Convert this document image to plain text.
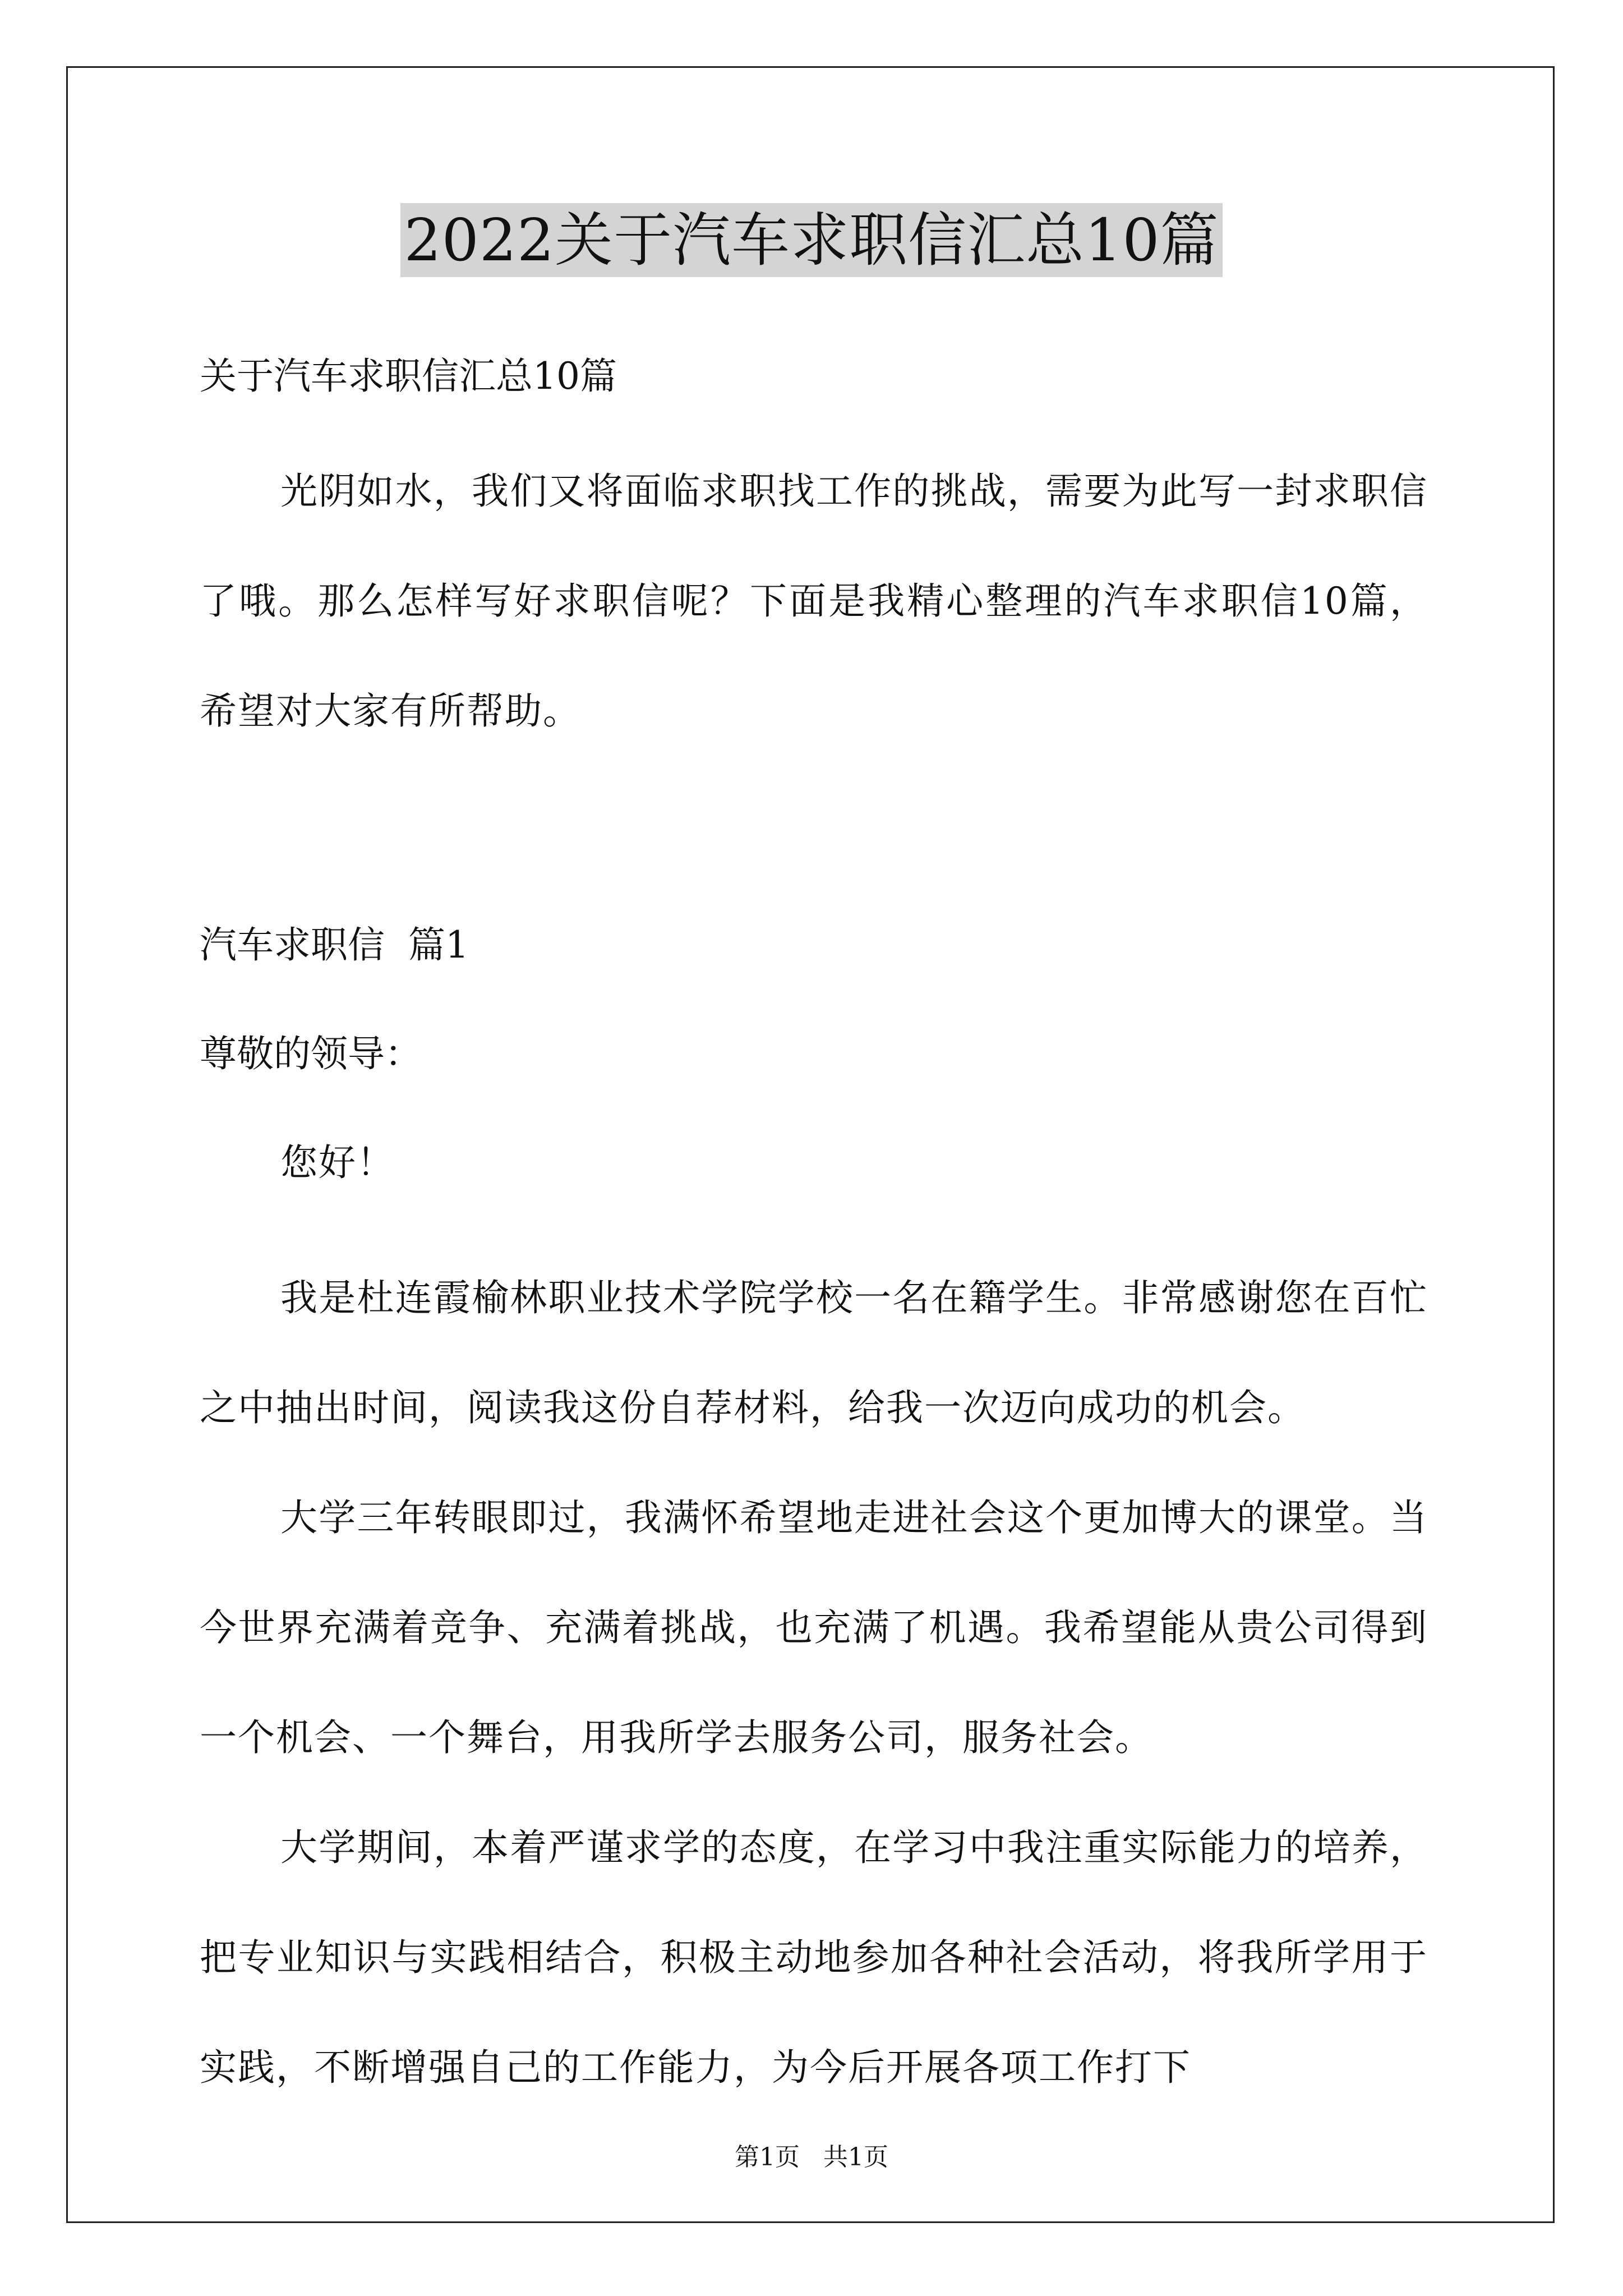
2022关于汽车求职信汇总10篇

关于汽车求职信汇总10篇

光阴如水，我们又将面临求职找工作的挑战，需要为此写一封求职信了哦。那么怎样写好求职信呢？下面是我精心整理的汽车求职信10篇，希望对大家有所帮助。

汽车求职信  篇1

尊敬的领导：

您好！

我是杜连霞榆林职业技术学院学校一名在籍学生。非常感谢您在百忙之中抽出时间，阅读我这份自荐材料，给我一次迈向成功的机会。

大学三年转眼即过，我满怀希望地走进社会这个更加博大的课堂。当今世界充满着竞争、充满着挑战，也充满了机遇。我希望能从贵公司得到一个机会、一个舞台，用我所学去服务公司，服务社会。

大学期间，本着严谨求学的态度，在学习中我注重实际能力的培养，把专业知识与实践相结合，积极主动地参加各种社会活动，将我所学用于实践，不断增强自己的工作能力，为今后开展各项工作打下

第1页 共1页
